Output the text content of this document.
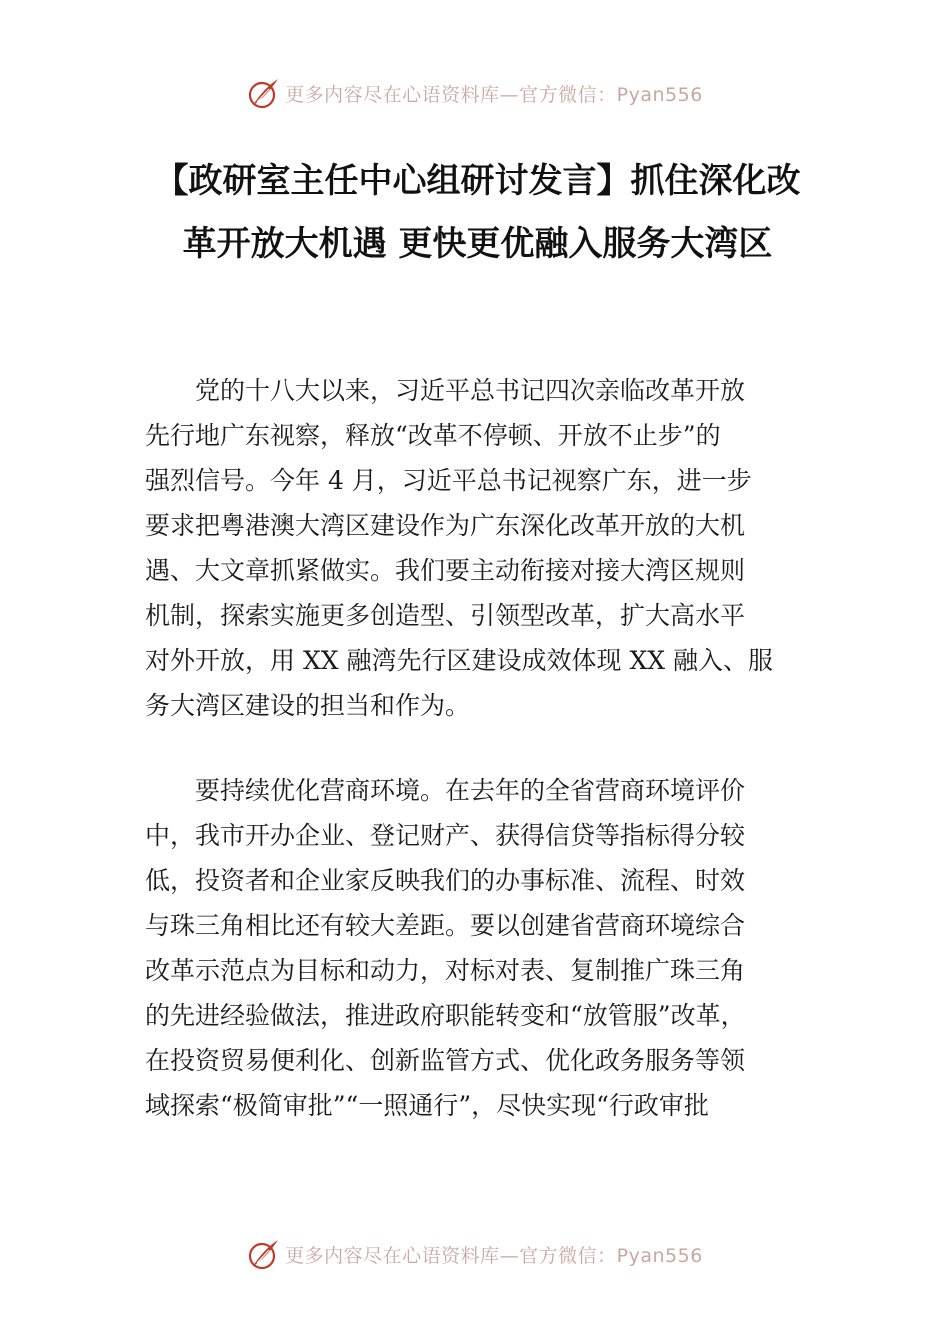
更多内容尽在心语资料库—官方微信：Pyan556
【政研室主任中心组研讨发言】抓住深化改
革开放大机遇 更快更优融入服务大湾区

　　党的十八大以来，习近平总书记四次亲临改革开放
先行地广东视察，释放“改革不停顿、开放不止步”的
强烈信号。今年 4 月，习近平总书记视察广东，进一步
要求把粤港澳大湾区建设作为广东深化改革开放的大机
遇、大文章抓紧做实。我们要主动衔接对接大湾区规则
机制，探索实施更多创造型、引领型改革，扩大高水平
对外开放，用 XX 融湾先行区建设成效体现 XX 融入、服
务大湾区建设的担当和作为。

　　要持续优化营商环境。在去年的全省营商环境评价
中，我市开办企业、登记财产、获得信贷等指标得分较
低，投资者和企业家反映我们的办事标准、流程、时效
与珠三角相比还有较大差距。要以创建省营商环境综合
改革示范点为目标和动力，对标对表、复制推广珠三角
的先进经验做法，推进政府职能转变和“放管服”改革，
在投资贸易便利化、创新监管方式、优化政务服务等领
域探索“极简审批”“一照通行”，尽快实现“行政审批

更多内容尽在心语资料库—官方微信：Pyan556
